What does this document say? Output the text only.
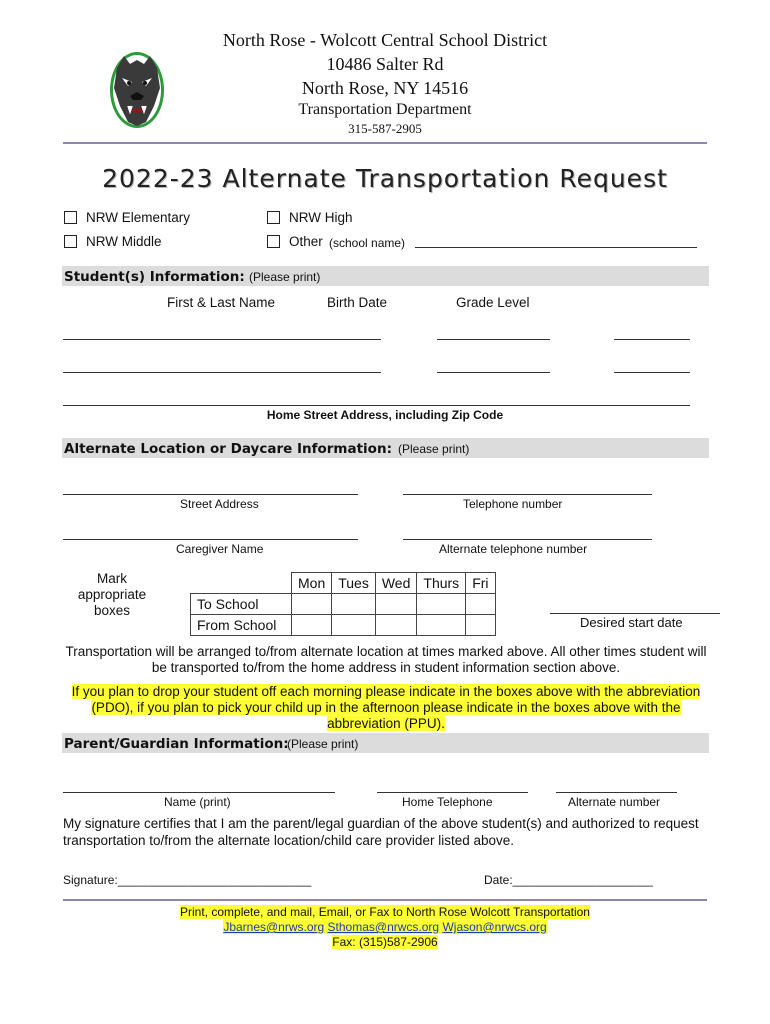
North Rose - Wolcott Central School District
10486 Salter Rd
North Rose, NY 14516
Transportation Department
315-587-2905
2022-23 Alternate Transportation Request
NRW Elementary	NRW High
NRW Middle	Other (school name)
Student(s) Information: (Please print)
First & Last Name	Birth Date	Grade Level
Home Street Address, including Zip Code
Alternate Location or Daycare Information: (Please print)
Street Address	Telephone number
Caregiver Name	Alternate telephone number
Mark appropriate boxes
	Mon	Tues	Wed	Thurs	Fri
To School					
From School						Desired start date
Transportation will be arranged to/from alternate location at times marked above. All other times student will be transported to/from the home address in student information section above.
If you plan to drop your student off each morning please indicate in the boxes above with the abbreviation (PDO), if you plan to pick your child up in the afternoon please indicate in the boxes above with the abbreviation (PPU).
Parent/Guardian Information:
(Please print)
Name (print)	Home Telephone	Alternate number
My signature certifies that I am the parent/legal guardian of the above student(s) and authorized to request transportation to/from the alternate location/child care provider listed above.
Signature:_____________________________	Date:_____________________
Print, complete, and mail, Email, or Fax to North Rose Wolcott Transportation
Jbarnes@nrws.org Sthomas@nrwcs.org Wjason@nrwcs.org
Fax: (315)587-2906
